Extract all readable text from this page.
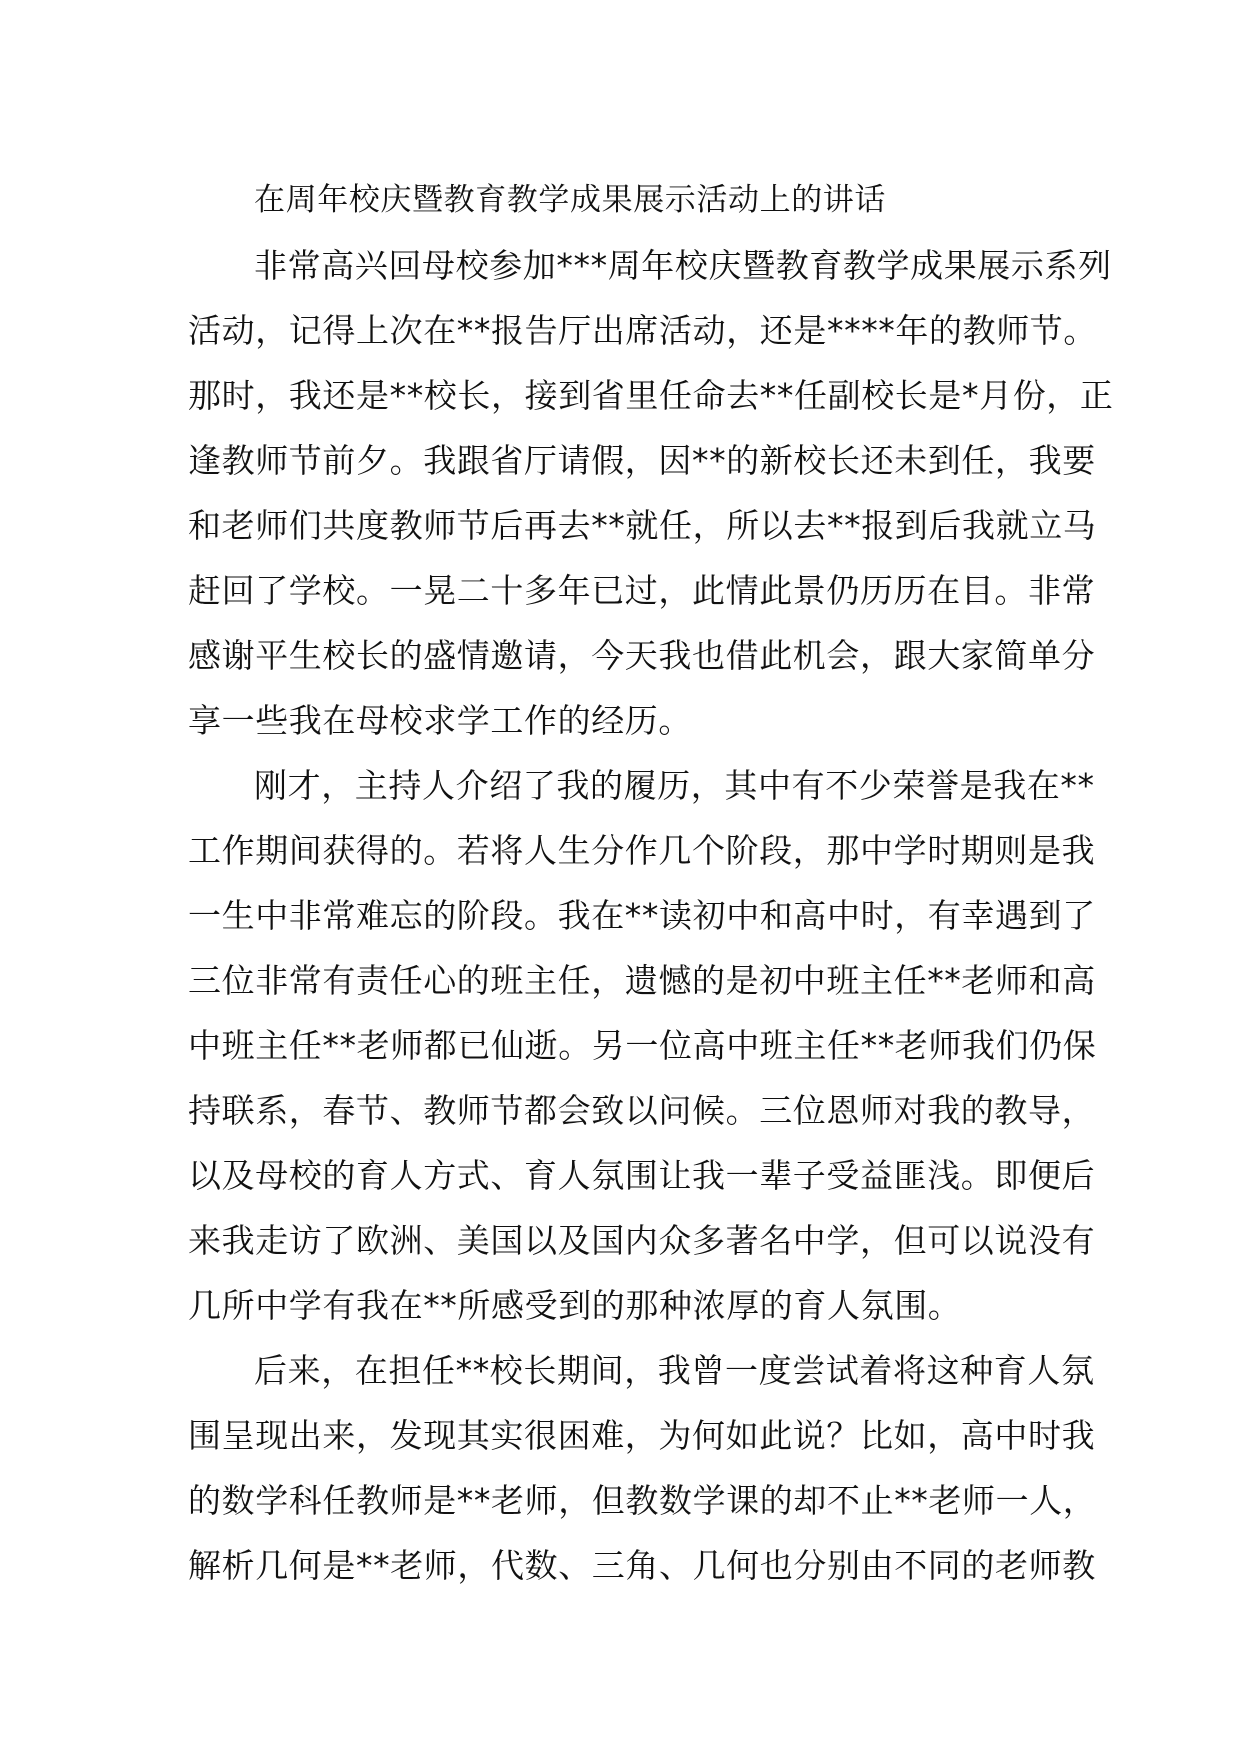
在周年校庆暨教育教学成果展示活动上的讲话
非常高兴回母校参加***周年校庆暨教育教学成果展示系列
活动，记得上次在**报告厅出席活动，还是****年的教师节。
那时，我还是**校长，接到省里任命去**任副校长是*月份，正
逢教师节前夕。我跟省厅请假，因**的新校长还未到任，我要
和老师们共度教师节后再去**就任，所以去**报到后我就立马
赶回了学校。一晃二十多年已过，此情此景仍历历在目。非常
感谢平生校长的盛情邀请，今天我也借此机会，跟大家简单分
享一些我在母校求学工作的经历。
刚才，主持人介绍了我的履历，其中有不少荣誉是我在**
工作期间获得的。若将人生分作几个阶段，那中学时期则是我
一生中非常难忘的阶段。我在**读初中和高中时，有幸遇到了
三位非常有责任心的班主任，遗憾的是初中班主任**老师和高
中班主任**老师都已仙逝。另一位高中班主任**老师我们仍保
持联系，春节、教师节都会致以问候。三位恩师对我的教导，
以及母校的育人方式、育人氛围让我一辈子受益匪浅。即便后
来我走访了欧洲、美国以及国内众多著名中学，但可以说没有
几所中学有我在**所感受到的那种浓厚的育人氛围。
后来，在担任**校长期间，我曾一度尝试着将这种育人氛
围呈现出来，发现其实很困难，为何如此说？比如，高中时我
的数学科任教师是**老师，但教数学课的却不止**老师一人，
解析几何是**老师，代数、三角、几何也分别由不同的老师教
